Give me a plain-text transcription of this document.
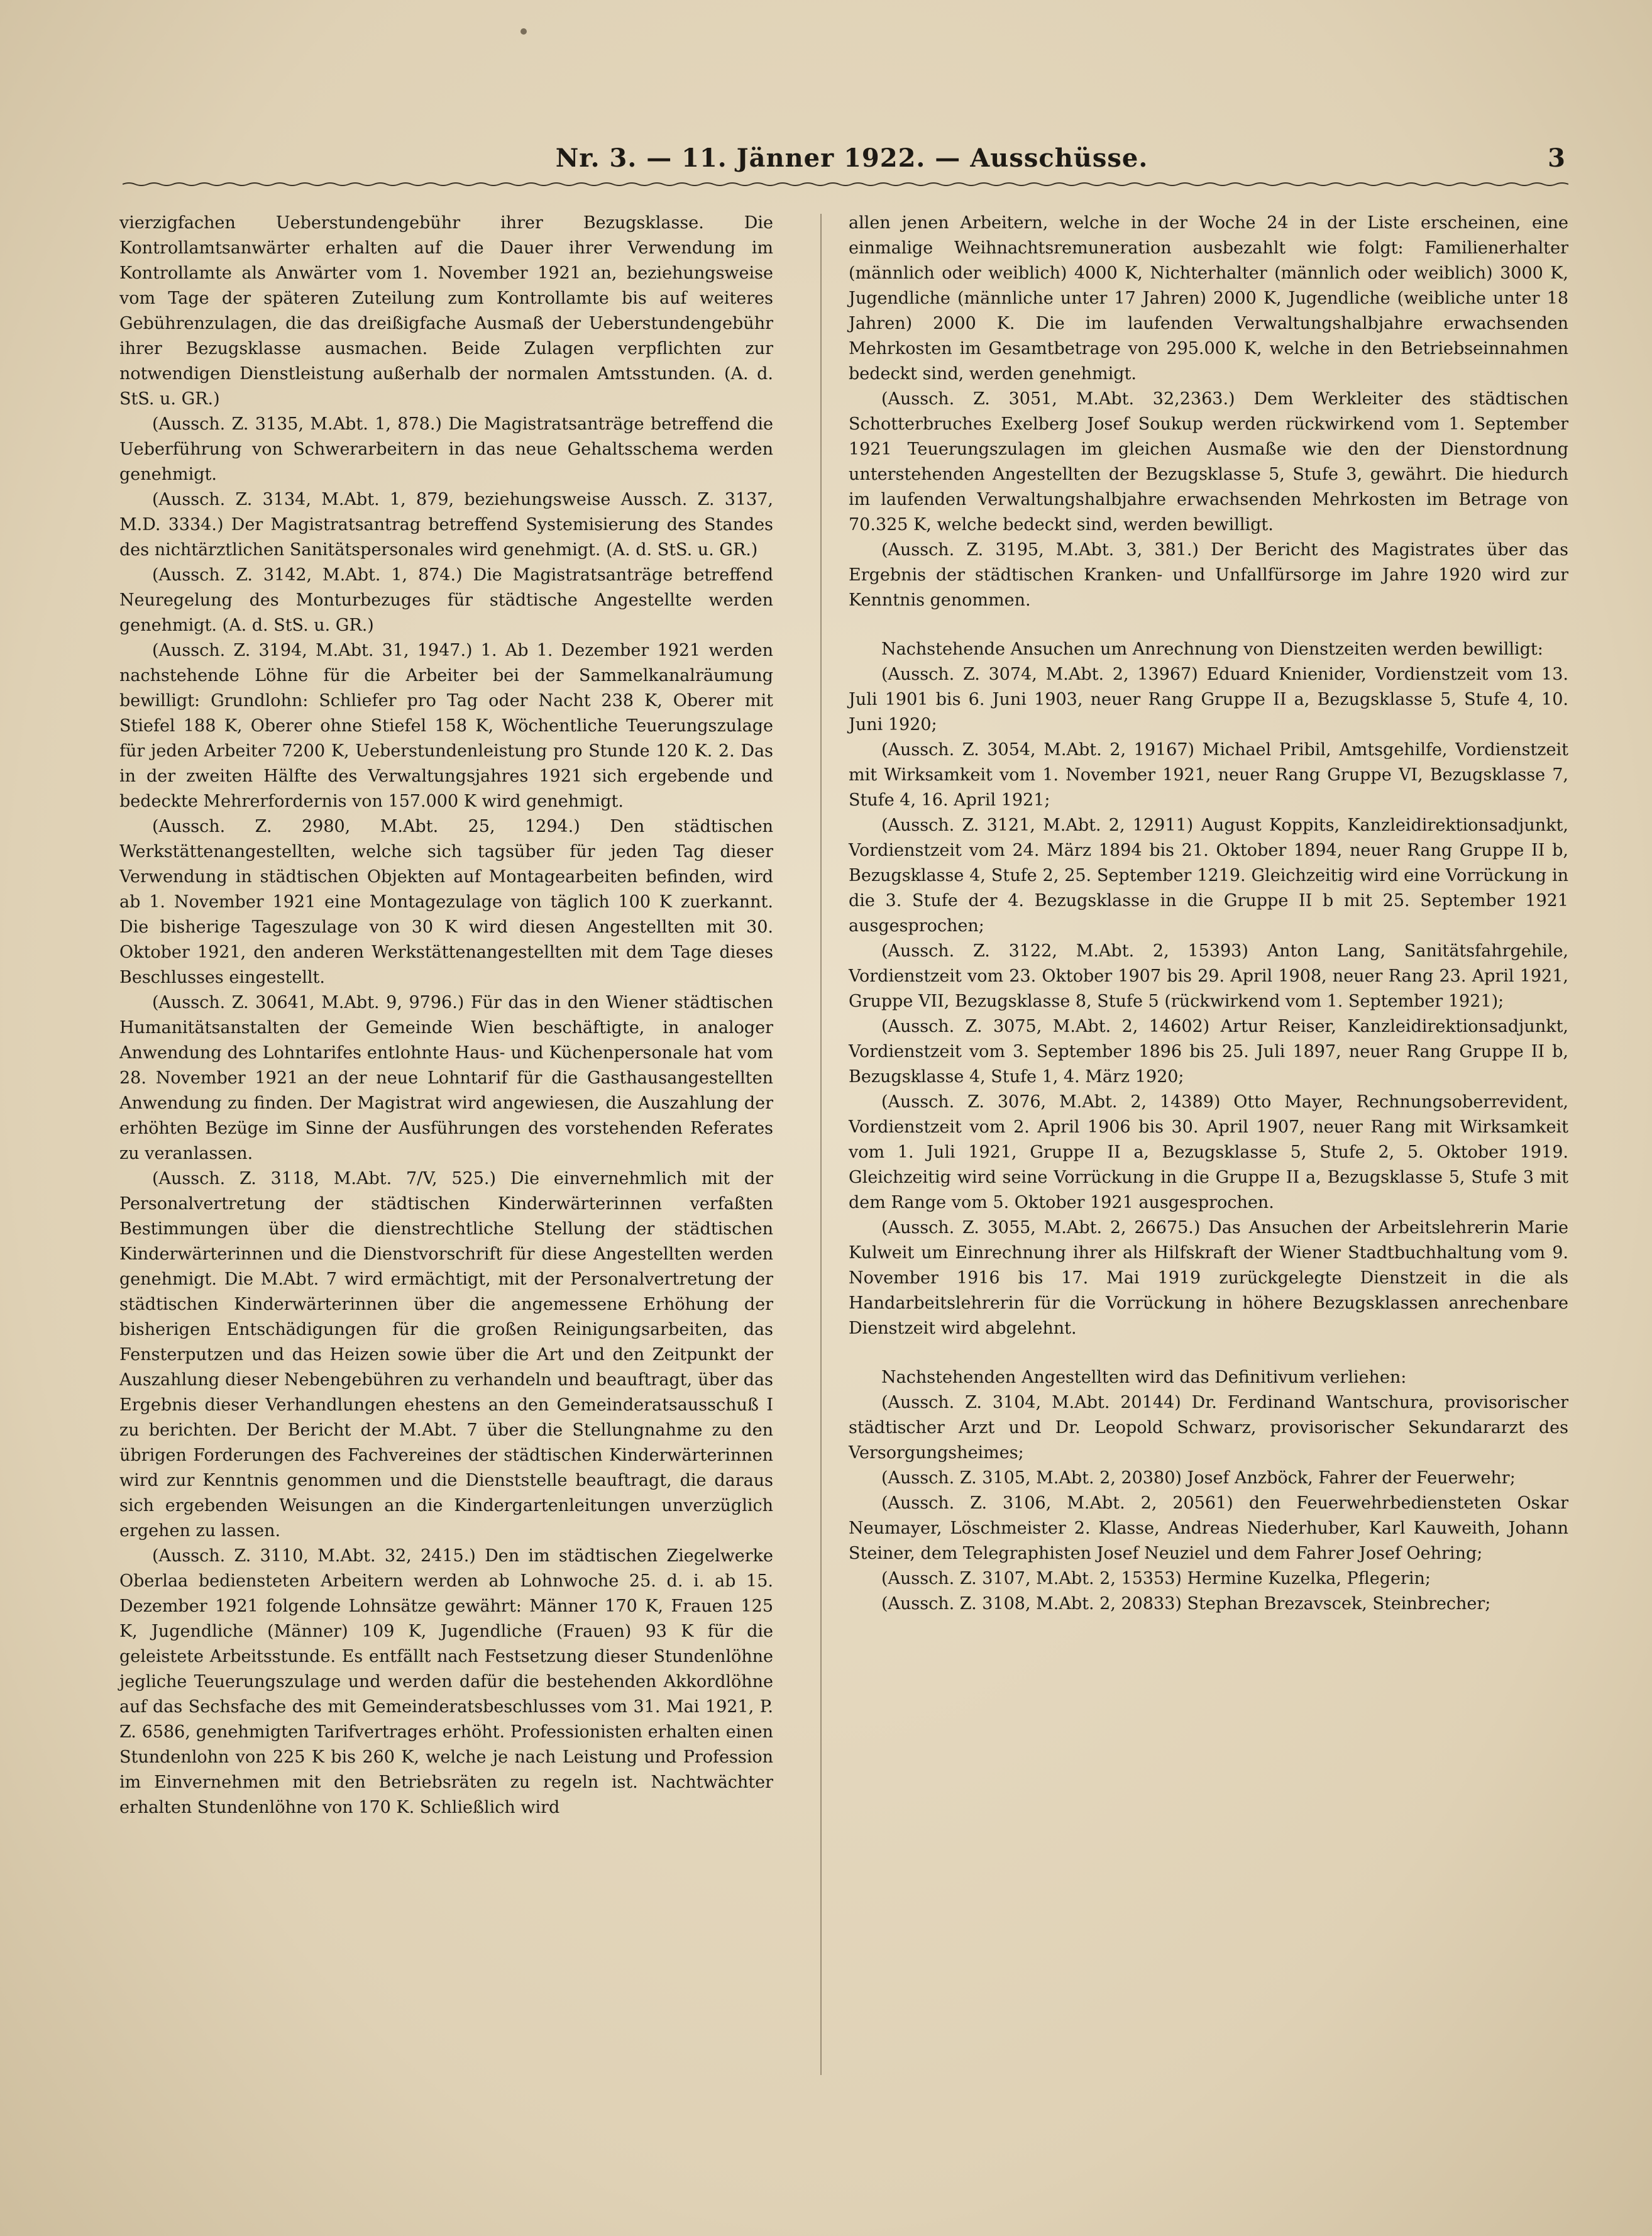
Nr. 3. — 11. Jänner 1922. — Ausschüsse.	3

vierzigfachen Ueberstundengebühr ihrer Bezugsklasse. Die Kontrollamtsanwärter erhalten auf die Dauer ihrer Verwendung im Kontrollamte als Anwärter vom 1. November 1921 an, beziehungsweise vom Tage der späteren Zuteilung zum Kontrollamte bis auf weiteres Gebührenzulagen, die das dreißigfache Ausmaß der Ueberstundengebühr ihrer Bezugsklasse ausmachen. Beide Zulagen verpflichten zur notwendigen Dienstleistung außerhalb der normalen Amtsstunden. (A. d. StS. u. GR.)

(Aussch. Z. 3135, M.Abt. 1, 878.) Die Magistratsanträge betreffend die Ueberführung von Schwerarbeitern in das neue Gehaltsschema werden genehmigt.

(Aussch. Z. 3134, M.Abt. 1, 879, beziehungsweise Aussch. Z. 3137, M.D. 3334.) Der Magistratsantrag betreffend Systemisierung des Standes des nichtärztlichen Sanitätspersonales wird genehmigt. (A. d. StS. u. GR.)

(Aussch. Z. 3142, M.Abt. 1, 874.) Die Magistratsanträge betreffend Neuregelung des Monturbezuges für städtische Angestellte werden genehmigt. (A. d. StS. u. GR.)

(Aussch. Z. 3194, M.Abt. 31, 1947.) 1. Ab 1. Dezember 1921 werden nachstehende Löhne für die Arbeiter bei der Sammelkanalräumung bewilligt: Grundlohn: Schliefer pro Tag oder Nacht 238 K, Oberer mit Stiefel 188 K, Oberer ohne Stiefel 158 K, Wöchentliche Teuerungszulage für jeden Arbeiter 7200 K, Ueberstundenleistung pro Stunde 120 K. 2. Das in der zweiten Hälfte des Verwaltungsjahres 1921 sich ergebende und bedeckte Mehrerfordernis von 157.000 K wird genehmigt.

(Aussch. Z. 2980, M.Abt. 25, 1294.) Den städtischen Werkstättenangestellten, welche sich tagsüber für jeden Tag dieser Verwendung in städtischen Objekten auf Montagearbeiten befinden, wird ab 1. November 1921 eine Montagezulage von täglich 100 K zuerkannt. Die bisherige Tageszulage von 30 K wird diesen Angestellten mit 30. Oktober 1921, den anderen Werkstättenangestellten mit dem Tage dieses Beschlusses eingestellt.

(Aussch. Z. 30641, M.Abt. 9, 9796.) Für das in den Wiener städtischen Humanitätsanstalten der Gemeinde Wien beschäftigte, in analoger Anwendung des Lohntarifes entlohnte Haus- und Küchenpersonale hat vom 28. November 1921 an der neue Lohntarif für die Gasthausangestellten Anwendung zu finden. Der Magistrat wird angewiesen, die Auszahlung der erhöhten Bezüge im Sinne der Ausführungen des vorstehenden Referates zu veranlassen.

(Aussch. Z. 3118, M.Abt. 7/V, 525.) Die einvernehmlich mit der Personalvertretung der städtischen Kinderwärterinnen verfaßten Bestimmungen über die dienstrechtliche Stellung der städtischen Kinderwärterinnen und die Dienstvorschrift für diese Angestellten werden genehmigt. Die M.Abt. 7 wird ermächtigt, mit der Personalvertretung der städtischen Kinderwärterinnen über die angemessene Erhöhung der bisherigen Entschädigungen für die großen Reinigungsarbeiten, das Fensterputzen und das Heizen sowie über die Art und den Zeitpunkt der Auszahlung dieser Nebengebühren zu verhandeln und beauftragt, über das Ergebnis dieser Verhandlungen ehestens an den Gemeinderatsausschuß I zu berichten. Der Bericht der M.Abt. 7 über die Stellungnahme zu den übrigen Forderungen des Fachvereines der städtischen Kinderwärterinnen wird zur Kenntnis genommen und die Dienststelle beauftragt, die daraus sich ergebenden Weisungen an die Kindergartenleitungen unverzüglich ergehen zu lassen.

(Aussch. Z. 3110, M.Abt. 32, 2415.) Den im städtischen Ziegelwerke Oberlaa bediensteten Arbeitern werden ab Lohnwoche 25. d. i. ab 15. Dezember 1921 folgende Lohnsätze gewährt: Männer 170 K, Frauen 125 K, Jugendliche (Männer) 109 K, Jugendliche (Frauen) 93 K für die geleistete Arbeitsstunde. Es entfällt nach Festsetzung dieser Stundenlöhne jegliche Teuerungszulage und werden dafür die bestehenden Akkordlöhne auf das Sechsfache des mit Gemeinderatsbeschlusses vom 31. Mai 1921, P. Z. 6586, genehmigten Tarifvertrages erhöht. Professionisten erhalten einen Stundenlohn von 225 K bis 260 K, welche je nach Leistung und Profession im Einvernehmen mit den Betriebsräten zu regeln ist. Nachtwächter erhalten Stundenlöhne von 170 K. Schließlich wird

allen jenen Arbeitern, welche in der Woche 24 in der Liste erscheinen, eine einmalige Weihnachtsremuneration ausbezahlt wie folgt: Familienerhalter (männlich oder weiblich) 4000 K, Nichterhalter (männlich oder weiblich) 3000 K, Jugendliche (männliche unter 17 Jahren) 2000 K, Jugendliche (weibliche unter 18 Jahren) 2000 K. Die im laufenden Verwaltungshalbjahre erwachsenden Mehrkosten im Gesamtbetrage von 295.000 K, welche in den Betriebseinnahmen bedeckt sind, werden genehmigt.

(Aussch. Z. 3051, M.Abt. 32,2363.) Dem Werkleiter des städtischen Schotterbruches Exelberg Josef Soukup werden rückwirkend vom 1. September 1921 Teuerungszulagen im gleichen Ausmaße wie den der Dienstordnung unterstehenden Angestellten der Bezugsklasse 5, Stufe 3, gewährt. Die hiedurch im laufenden Verwaltungshalbjahre erwachsenden Mehrkosten im Betrage von 70.325 K, welche bedeckt sind, werden bewilligt.

(Aussch. Z. 3195, M.Abt. 3, 381.) Der Bericht des Magistrates über das Ergebnis der städtischen Kranken- und Unfallfürsorge im Jahre 1920 wird zur Kenntnis genommen.

Nachstehende Ansuchen um Anrechnung von Dienstzeiten werden bewilligt:

(Aussch. Z. 3074, M.Abt. 2, 13967) Eduard Knienider, Vordienstzeit vom 13. Juli 1901 bis 6. Juni 1903, neuer Rang Gruppe II a, Bezugsklasse 5, Stufe 4, 10. Juni 1920;

(Aussch. Z. 3054, M.Abt. 2, 19167) Michael Pribil, Amtsgehilfe, Vordienstzeit mit Wirksamkeit vom 1. November 1921, neuer Rang Gruppe VI, Bezugsklasse 7, Stufe 4, 16. April 1921;

(Aussch. Z. 3121, M.Abt. 2, 12911) August Koppits, Kanzleidirektionsadjunkt, Vordienstzeit vom 24. März 1894 bis 21. Oktober 1894, neuer Rang Gruppe II b, Bezugsklasse 4, Stufe 2, 25. September 1219. Gleichzeitig wird eine Vorrückung in die 3. Stufe der 4. Bezugsklasse in die Gruppe II b mit 25. September 1921 ausgesprochen;

(Aussch. Z. 3122, M.Abt. 2, 15393) Anton Lang, Sanitätsfahrgehile, Vordienstzeit vom 23. Oktober 1907 bis 29. April 1908, neuer Rang 23. April 1921, Gruppe VII, Bezugsklasse 8, Stufe 5 (rückwirkend vom 1. September 1921);

(Aussch. Z. 3075, M.Abt. 2, 14602) Artur Reiser, Kanzleidirektionsadjunkt, Vordienstzeit vom 3. September 1896 bis 25. Juli 1897, neuer Rang Gruppe II b, Bezugsklasse 4, Stufe 1, 4. März 1920;

(Aussch. Z. 3076, M.Abt. 2, 14389) Otto Mayer, Rechnungsoberrevident, Vordienstzeit vom 2. April 1906 bis 30. April 1907, neuer Rang mit Wirksamkeit vom 1. Juli 1921, Gruppe II a, Bezugsklasse 5, Stufe 2, 5. Oktober 1919. Gleichzeitig wird seine Vorrückung in die Gruppe II a, Bezugsklasse 5, Stufe 3 mit dem Range vom 5. Oktober 1921 ausgesprochen.

(Aussch. Z. 3055, M.Abt. 2, 26675.) Das Ansuchen der Arbeitslehrerin Marie Kulweit um Einrechnung ihrer als Hilfskraft der Wiener Stadtbuchhaltung vom 9. November 1916 bis 17. Mai 1919 zurückgelegte Dienstzeit in die als Handarbeitslehrerin für die Vorrückung in höhere Bezugsklassen anrechenbare Dienstzeit wird abgelehnt.

Nachstehenden Angestellten wird das Definitivum verliehen:

(Aussch. Z. 3104, M.Abt. 20144) Dr. Ferdinand Wantschura, provisorischer städtischer Arzt und Dr. Leopold Schwarz, provisorischer Sekundararzt des Versorgungsheimes;

(Aussch. Z. 3105, M.Abt. 2, 20380) Josef Anzböck, Fahrer der Feuerwehr;

(Aussch. Z. 3106, M.Abt. 2, 20561) den Feuerwehrbediensteten Oskar Neumayer, Löschmeister 2. Klasse, Andreas Niederhuber, Karl Kauweith, Johann Steiner, dem Telegraphisten Josef Neuziel und dem Fahrer Josef Oehring;

(Aussch. Z. 3107, M.Abt. 2, 15353) Hermine Kuzelka, Pflegerin;

(Aussch. Z. 3108, M.Abt. 2, 20833) Stephan Brezavscek, Steinbrecher;
